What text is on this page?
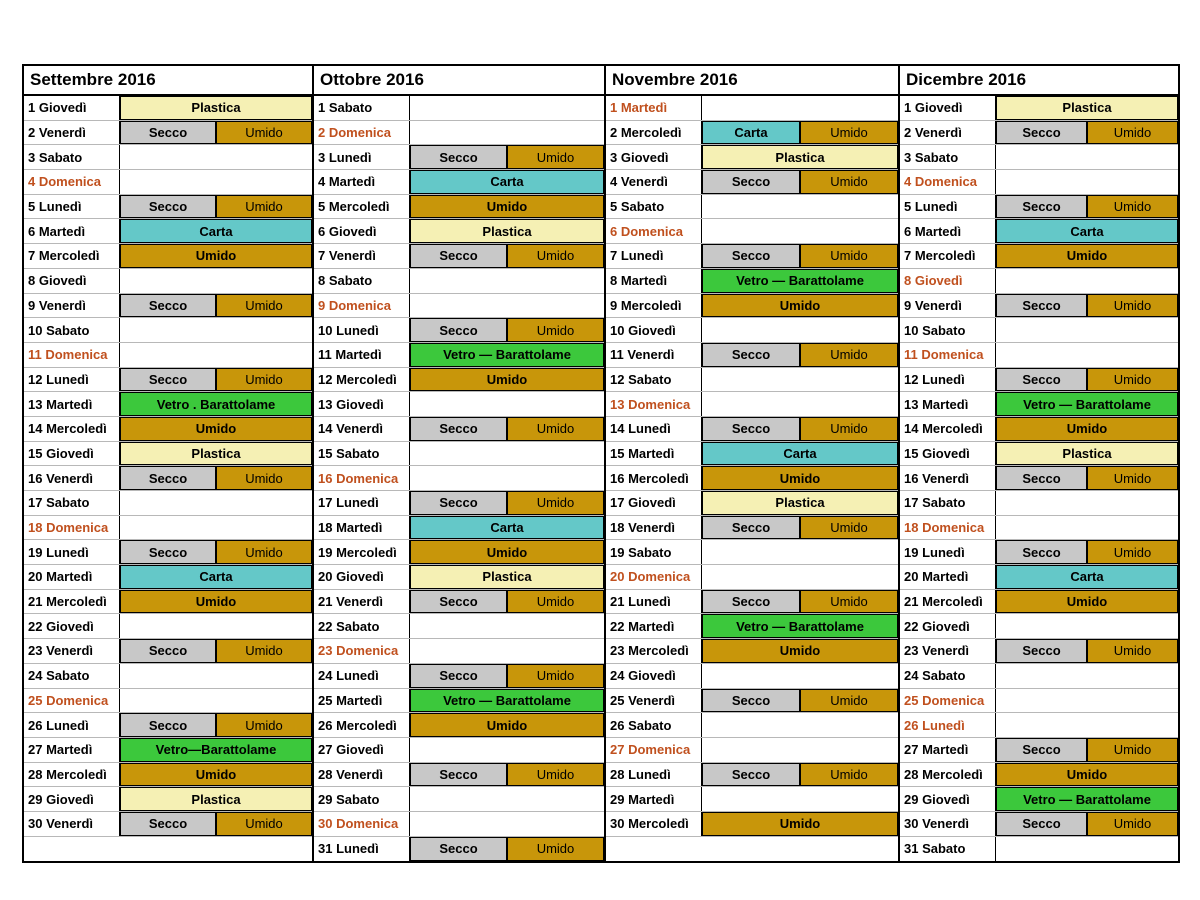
Settembre 2016
1 Giovedì	Plastica
2 Venerdì	Secco	Umido
3 Sabato
4 Domenica
5 Lunedì	Secco	Umido
6 Martedì	Carta
7 Mercoledì	Umido
8 Giovedì
9 Venerdì	Secco	Umido
10 Sabato
11 Domenica
12 Lunedì	Secco	Umido
13 Martedì	Vetro . Barattolame
14 Mercoledì	Umido
15 Giovedì	Plastica
16 Venerdì	Secco	Umido
17 Sabato
18 Domenica
19 Lunedì	Secco	Umido
20 Martedì	Carta
21 Mercoledì	Umido
22 Giovedì
23 Venerdì	Secco	Umido
24 Sabato
25 Domenica
26 Lunedì	Secco	Umido
27 Martedì	Vetro—Barattolame
28 Mercoledì	Umido
29 Giovedì	Plastica
30 Venerdì	Secco	Umido
Ottobre 2016
1 Sabato
2 Domenica
3 Lunedì	Secco	Umido
4 Martedì	Carta
5 Mercoledì	Umido
6 Giovedì	Plastica
7 Venerdì	Secco	Umido
8 Sabato
9 Domenica
10 Lunedì	Secco	Umido
11 Martedì	Vetro — Barattolame
12 Mercoledì	Umido
13 Giovedì
14 Venerdì	Secco	Umido
15 Sabato
16 Domenica
17 Lunedì	Secco	Umido
18 Martedì	Carta
19 Mercoledì	Umido
20 Giovedì	Plastica
21 Venerdì	Secco	Umido
22 Sabato
23 Domenica
24 Lunedì	Secco	Umido
25 Martedì	Vetro — Barattolame
26 Mercoledì	Umido
27 Giovedì
28 Venerdì	Secco	Umido
29 Sabato
30 Domenica
31 Lunedì	Secco	Umido
Novembre 2016
1 Martedì
2 Mercoledì	Carta	Umido
3 Giovedì	Plastica
4 Venerdì	Secco	Umido
5 Sabato
6 Domenica
7 Lunedì	Secco	Umido
8 Martedì	Vetro — Barattolame
9 Mercoledì	Umido
10 Giovedì
11 Venerdì	Secco	Umido
12 Sabato
13 Domenica
14 Lunedì	Secco	Umido
15 Martedì	Carta
16 Mercoledì	Umido
17 Giovedì	Plastica
18 Venerdì	Secco	Umido
19 Sabato
20 Domenica
21 Lunedì	Secco	Umido
22 Martedì	Vetro — Barattolame
23 Mercoledì	Umido
24 Giovedì
25 Venerdì	Secco	Umido
26 Sabato
27 Domenica
28 Lunedì	Secco	Umido
29 Martedì
30 Mercoledì	Umido
Dicembre 2016
1 Giovedì	Plastica
2 Venerdì	Secco	Umido
3 Sabato
4 Domenica
5 Lunedì	Secco	Umido
6 Martedì	Carta
7 Mercoledì	Umido
8 Giovedì
9 Venerdì	Secco	Umido
10 Sabato
11 Domenica
12 Lunedì	Secco	Umido
13 Martedì	Vetro — Barattolame
14 Mercoledì	Umido
15 Giovedì	Plastica
16 Venerdì	Secco	Umido
17 Sabato
18 Domenica
19 Lunedì	Secco	Umido
20 Martedì	Carta
21 Mercoledì	Umido
22 Giovedì
23 Venerdì	Secco	Umido
24 Sabato
25 Domenica
26 Lunedì
27 Martedì	Secco	Umido
28 Mercoledì	Umido
29 Giovedì	Vetro — Barattolame
30 Venerdì	Secco	Umido
31 Sabato
